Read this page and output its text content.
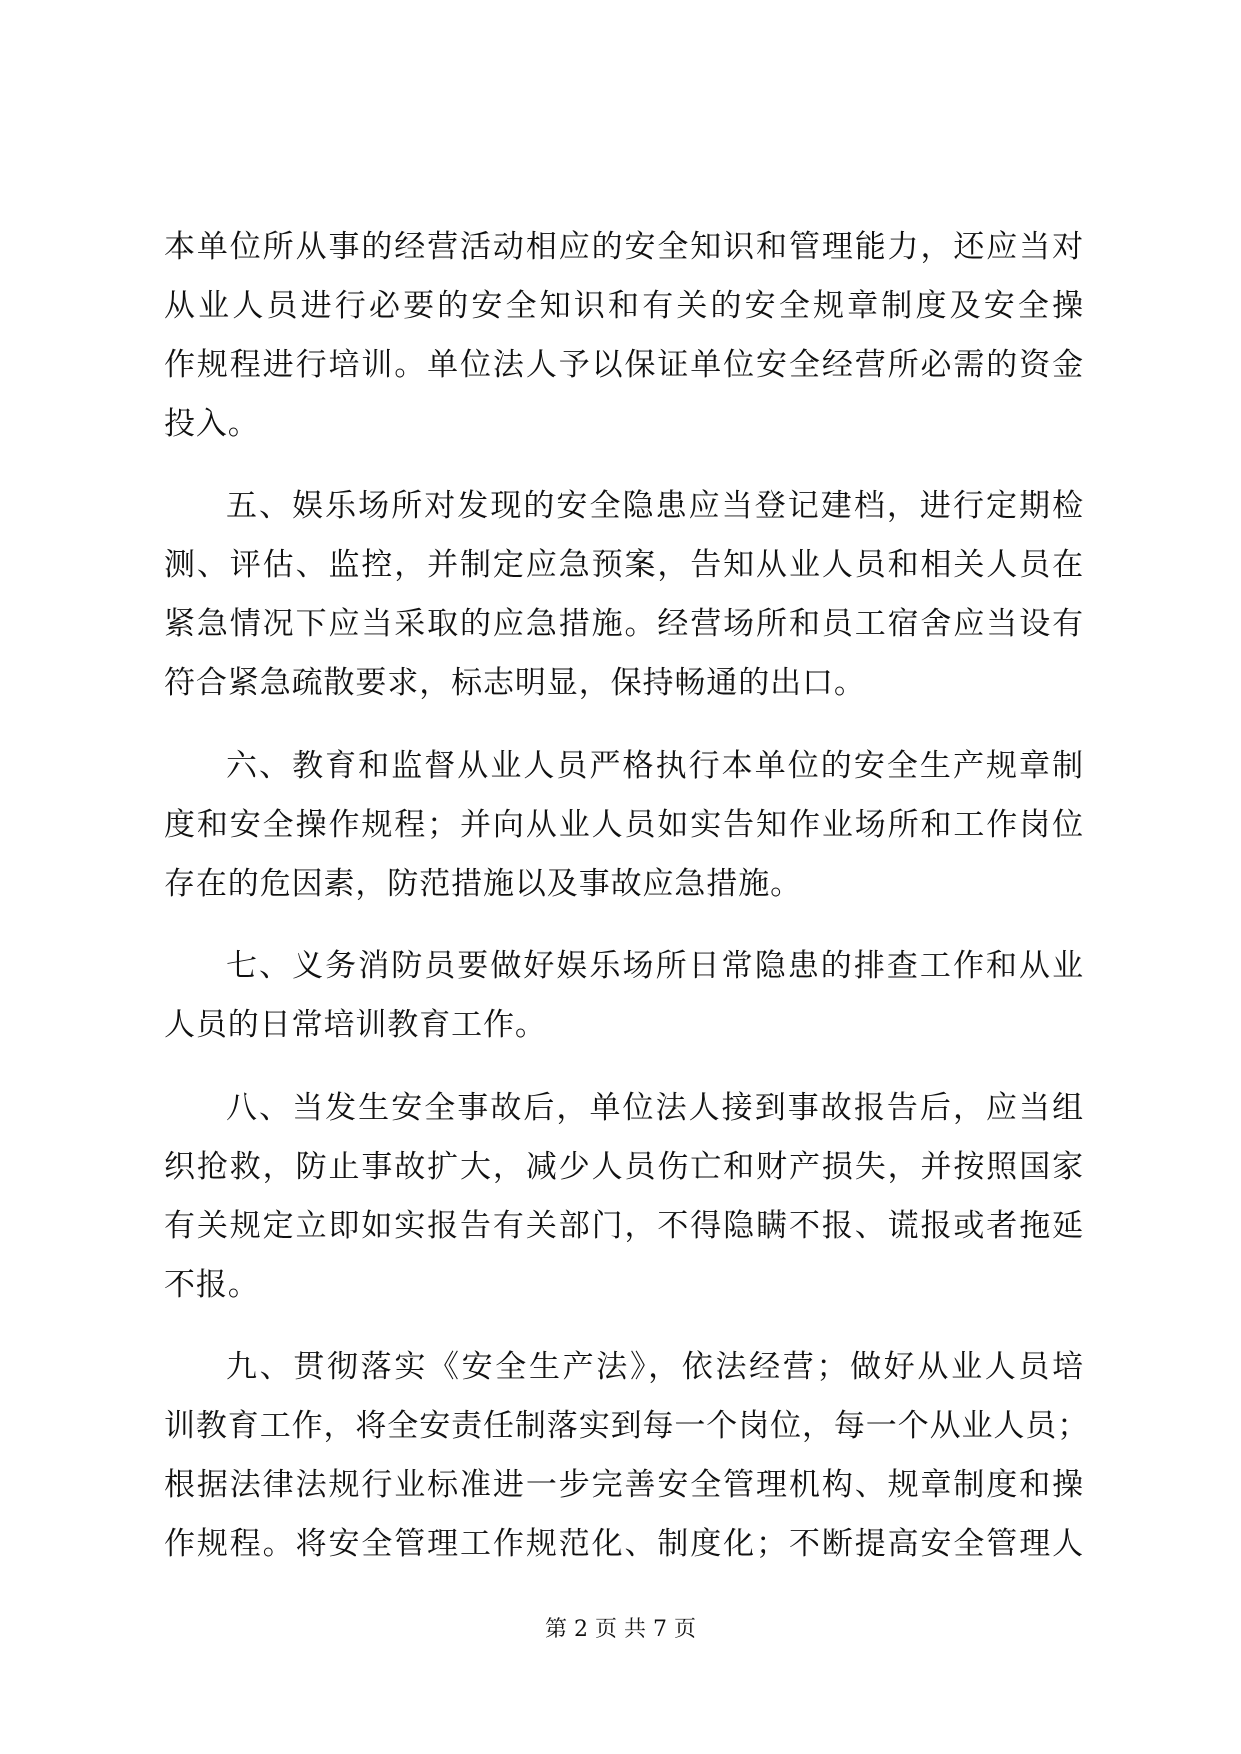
本单位所从事的经营活动相应的安全知识和管理能力，还应当对
从业人员进行必要的安全知识和有关的安全规章制度及安全操
作规程进行培训。单位法人予以保证单位安全经营所必需的资金
投入。
五、娱乐场所对发现的安全隐患应当登记建档，进行定期检
测、评估、监控，并制定应急预案，告知从业人员和相关人员在
紧急情况下应当采取的应急措施。经营场所和员工宿舍应当设有
符合紧急疏散要求，标志明显，保持畅通的出口。
六、教育和监督从业人员严格执行本单位的安全生产规章制
度和安全操作规程；并向从业人员如实告知作业场所和工作岗位
存在的危因素，防范措施以及事故应急措施。
七、义务消防员要做好娱乐场所日常隐患的排查工作和从业
人员的日常培训教育工作。
八、当发生安全事故后，单位法人接到事故报告后，应当组
织抢救，防止事故扩大，减少人员伤亡和财产损失，并按照国家
有关规定立即如实报告有关部门，不得隐瞒不报、谎报或者拖延
不报。
九、贯彻落实《安全生产法》，依法经营；做好从业人员培
训教育工作，将全安责任制落实到每一个岗位，每一个从业人员；
根据法律法规行业标准进一步完善安全管理机构、规章制度和操
作规程。将安全管理工作规范化、制度化；不断提高安全管理人
第 2 页 共 7 页
